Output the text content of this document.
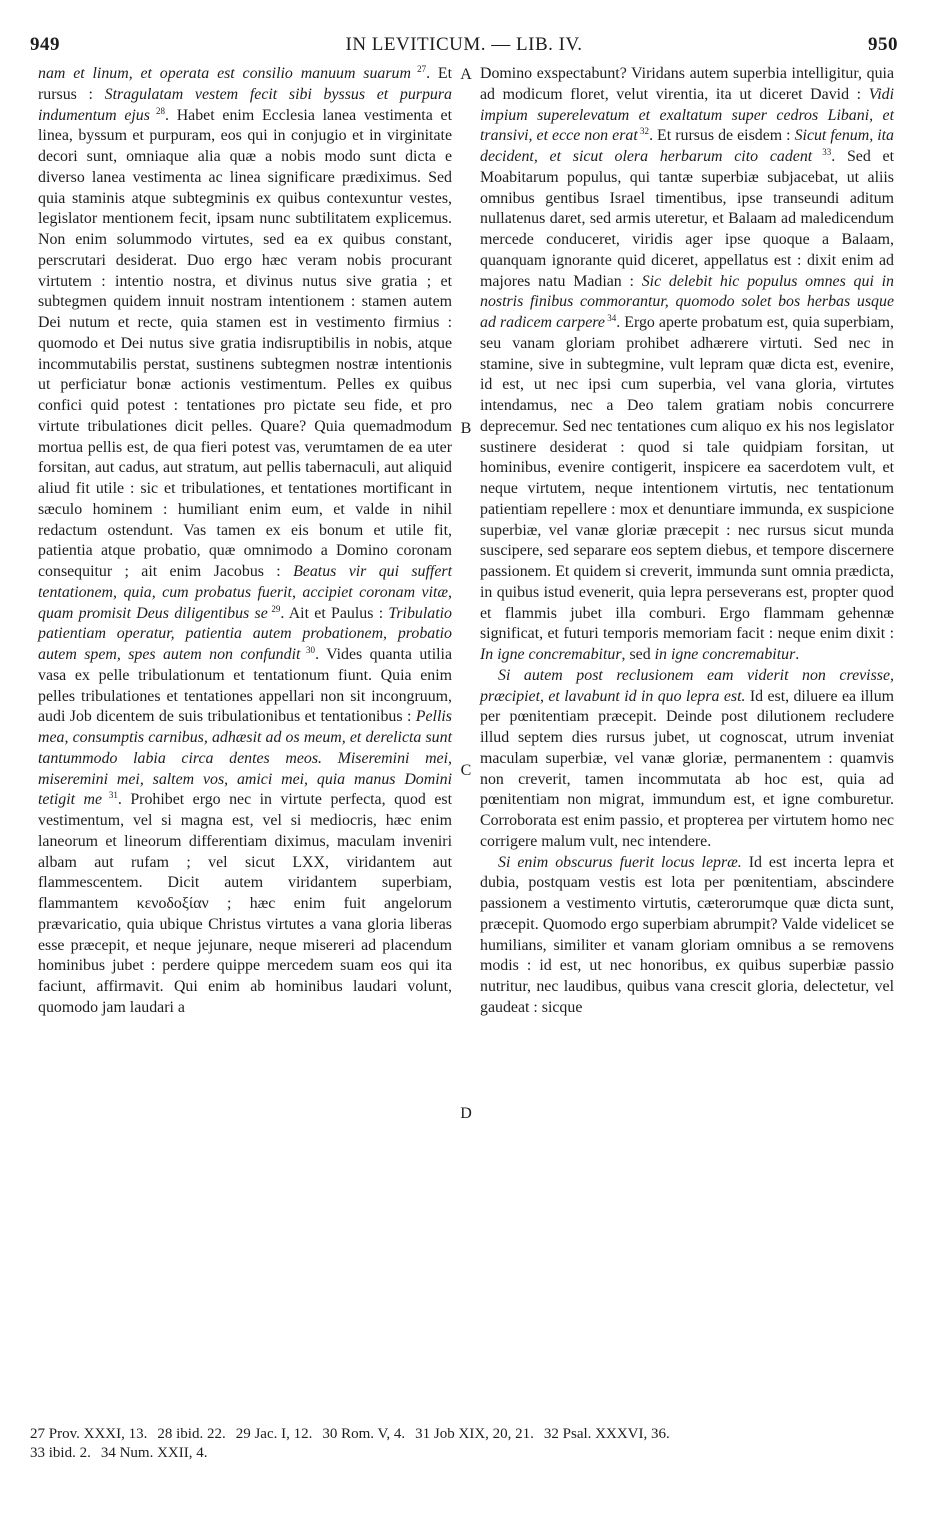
949	IN LEVITICUM. — LIB. IV.	950

nam et linum, et operata est consilio manuum suarum $^{27}$. Et rursus : Stragulatam vestem fecit sibi byssus et purpura indumentum ejus $^{28}$. Habet enim Ecclesia lanea vestimenta et linea, byssum et purpuram, eos qui in conjugio et in virginitate decori sunt, omniaque alia quæ a nobis modo sunt dicta e diverso lanea vestimenta ac linea significare prædiximus. Sed quia staminis atque subtegminis ex quibus contexuntur vestes, legislator mentionem fecit, ipsam nunc subtilitatem explicemus. Non enim solummodo virtutes, sed ea ex quibus constant, perscrutari desiderat. Duo ergo hæc veram nobis procurant virtutem : intentio nostra, et divinus nutus sive gratia ; et subtegmen quidem innuit nostram intentionem : stamen autem Dei nutum et recte, quia stamen est in vestimento firmius : quomodo et Dei nutus sive gratia indisruptibilis in nobis, atque incommutabilis perstat, sustinens subtegmen nostræ intentionis ut perficiatur bonæ actionis vestimentum. Pelles ex quibus confici quid potest : tentationes pro pictate seu fide, et pro virtute tribulationes dicit pelles. Quare? Quia quemadmodum mortua pellis est, de qua fieri potest vas, verumtamen de ea uter forsitan, aut cadus, aut stratum, aut pellis tabernaculi, aut aliquid aliud fit utile : sic et tribulationes, et tentationes mortificant in sæculo hominem : humiliant enim eum, et valde in nihil redactum ostendunt. Vas tamen ex eis bonum et utile fit, patientia atque probatio, quæ omnimodo a Domino coronam consequitur ; ait enim Jacobus : Beatus vir qui suffert tentationem, quia, cum probatus fuerit, accipiet coronam vitæ, quam promisit Deus diligentibus se $^{29}$. Ait et Paulus : Tribulatio patientiam operatur, patientia autem probationem, probatio autem spem, spes autem non confundit $^{30}$. Vides quanta utilia vasa ex pelle tribulationum et tentationum fiunt. Quia enim pelles tribulationes et tentationes appellari non sit incongruum, audi Job dicentem de suis tribulationibus et tentationibus : Pellis mea, consumptis carnibus, adhæsit ad os meum, et derelicta sunt tantummodo labia circa dentes meos. Miseremini mei, miseremini mei, saltem vos, amici mei, quia manus Domini tetigit me $^{31}$. Prohibet ergo nec in virtute perfecta, quod est vestimentum, vel si magna est, vel si mediocris, hæc enim laneorum et lineorum differentiam diximus, maculam inveniri albam aut rufam ; vel sicut LXX, viridantem aut flammescentem. Dicit autem viridantem superbiam, flammantem κενοδοξίαν ; hæc enim fuit angelorum prævaricatio, quia ubique Christus virtutes a vana gloria liberas esse præcepit, et neque jejunare, neque misereri ad placendum hominibus jubet : perdere quippe mercedem suam eos qui ita faciunt, affirmavit. Qui enim ab hominibus laudari volunt, quomodo jam laudari a

Domino exspectabunt? Viridans autem superbia intelligitur, quia ad modicum floret, velut virentia, ita ut diceret David : Vidi impium superelevatum et exaltatum super cedros Libani, et transivi, et ecce non erat $^{32}$. Et rursus de eisdem : Sicut fenum, ita decident, et sicut olera herbarum cito cadent $^{33}$. Sed et Moabitarum populus, qui tantæ superbiæ subjacebat, ut aliis omnibus gentibus Israel timentibus, ipse transeundi aditum nullatenus daret, sed armis uteretur, et Balaam ad maledicendum mercede conduceret, viridis ager ipse quoque a Balaam, quanquam ignorante quid diceret, appellatus est : dixit enim ad majores natu Madian : Sic delebit hic populus omnes qui in nostris finibus commorantur, quomodo solet bos herbas usque ad radicem carpere $^{34}$. Ergo aperte probatum est, quia superbiam, seu vanam gloriam prohibet adhærere virtuti. Sed nec in stamine, sive in subtegmine, vult lepram quæ dicta est, evenire, id est, ut nec ipsi cum superbia, vel vana gloria, virtutes intendamus, nec a Deo talem gratiam nobis concurrere deprecemur. Sed nec tentationes cum aliquo ex his nos legislator sustinere desiderat : quod si tale quidpiam forsitan, ut hominibus, evenire contigerit, inspicere ea sacerdotem vult, et neque virtutem, neque intentionem virtutis, nec tentationum patientiam repellere : mox et denuntiare immunda, ex suspicione superbiæ, vel vanæ gloriæ præcepit : nec rursus sicut munda suscipere, sed separare eos septem diebus, et tempore discernere passionem. Et quidem si creverit, immunda sunt omnia prædicta, in quibus istud evenerit, quia lepra perseverans est, propter quod et flammis jubet illa comburi. Ergo flammam gehennæ significat, et futuri temporis memoriam facit : neque enim dixit : In igne concremabitur, sed in igne concremabitur.

Si autem post reclusionem eam viderit non crevisse, præcipiet, et lavabunt id in quo lepra est. Id est, diluere ea illum per pœnitentiam præcepit. Deinde post dilutionem recludere illud septem dies rursus jubet, ut cognoscat, utrum inveniat maculam superbiæ, vel vanæ gloriæ, permanentem : quamvis non creverit, tamen incommutata ab hoc est, quia ad pœnitentiam non migrat, immundum est, et igne comburetur. Corroborata est enim passio, et propterea per virtutem homo nec corrigere malum vult, nec intendere.

Si enim obscurus fuerit locus lepræ. Id est incerta lepra et dubia, postquam vestis est lota per pœnitentiam, abscindere passionem a vestimento virtutis, cæterorumque quæ dicta sunt, præcepit. Quomodo ergo superbiam abrumpit? Valde videlicet se humilians, similiter et vanam gloriam omnibus a se removens modis : id est, ut nec honoribus, ex quibus superbiæ passio nutritur, nec laudibus, quibus vana crescit gloria, delectetur, vel gaudeat : sicque

A
B
C
D
27 Prov. XXXI, 13. 28 ibid. 22. 29 Jac. I, 12. 30 Rom. V, 4. 31 Job XIX, 20, 21. 32 Psal. XXXVI, 36.
33 ibid. 2. 34 Num. XXII, 4.
